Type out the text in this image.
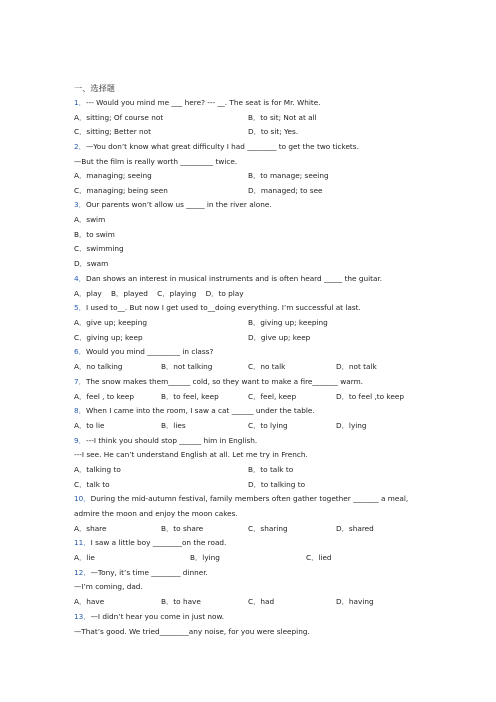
一、选择题
1．--- Would you mind me ___ here? --- __. The seat is for Mr. White.
A．sitting; Of course not	B．to sit; Not at all
C．sitting; Better not	D．to sit; Yes.
2．—You don’t know what great difficulty I had ________ to get the two tickets.
—But the film is really worth _________ twice.
A．managing; seeing	B．to manage; seeing
C．managing; being seen	D．managed; to see
3．Our parents won’t allow us _____ in the river alone.
A．swim
B．to swim
C．swimming
D．swam
4．Dan shows an interest in musical instruments and is often heard _____ the guitar.
A．play    B．played    C．playing    D．to play
5．I used to__. But now I get used to__doing everything. I’m successful at last.
A．give up; keeping	B．giving up; keeping
C．giving up; keep	D．give up; keep
6．Would you mind _________ in class?
A．no talking	B．not talking	C．no talk	D．not talk
7．The snow makes them______ cold, so they want to make a fire_______ warm.
A．feel , to keep	B．to feel, keep	C．feel, keep	D．to feel ,to keep
8．When I came into the room, I saw a cat ______ under the table.
A．to lie	B．lies	C．to lying	D．lying
9．---I think you should stop ______ him in English.
---I see. He can’t understand English at all. Let me try in French.
A．talking to	B．to talk to
C．talk to	D．to talking to
10．During the mid-autumn festival, family members often gather together _______ a meal,
admire the moon and enjoy the moon cakes.
A．share	B．to share	C．sharing	D．shared
11．I saw a little boy ________on the road.
A．lie	B．lying	C．lied
12．—Tony, it’s time ________ dinner.
—I’m coming, dad.
A．have	B．to have	C．had	D．having
13．—I didn’t hear you come in just now.
—That’s good. We tried________any noise, for you were sleeping.
